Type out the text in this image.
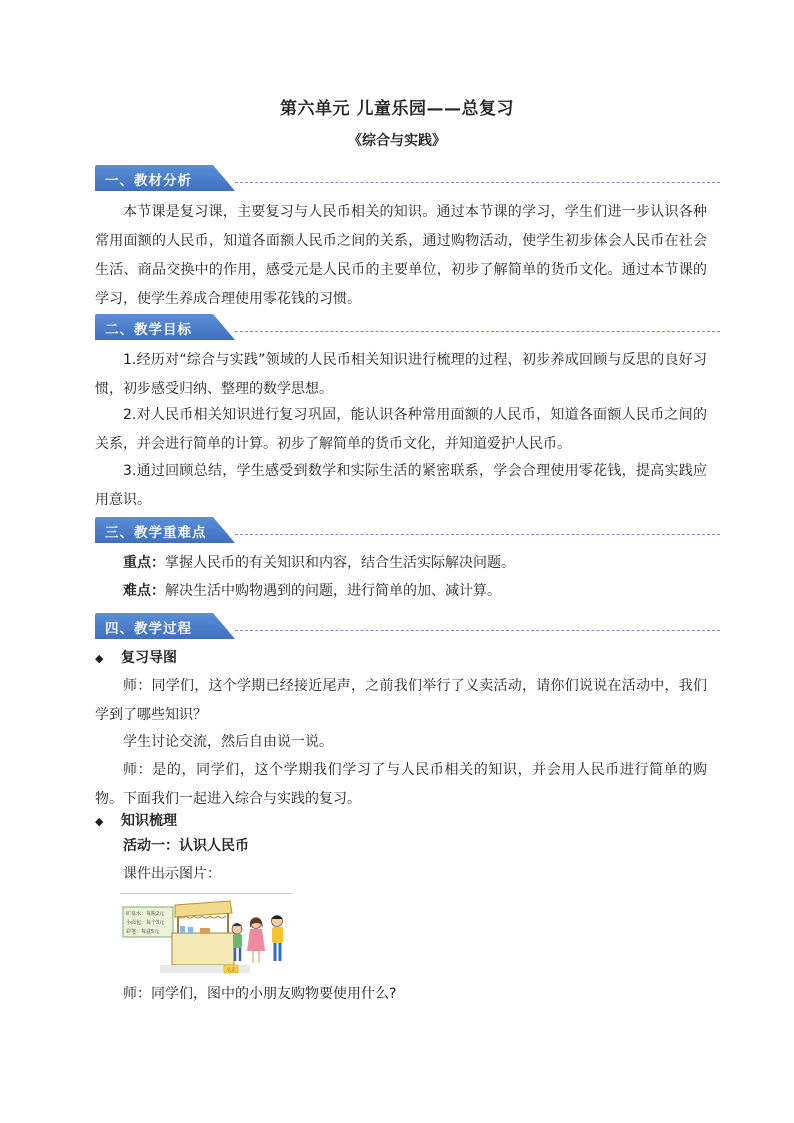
第六单元 儿童乐园——总复习
《综合与实践》
一、教材分析

本节课是复习课，主要复习与人民币相关的知识。通过本节课的学习，学生们进一步认识各种常用面额的人民币，知道各面额人民币之间的关系，通过购物活动，使学生初步体会人民币在社会生活、商品交换中的作用，感受元是人民币的主要单位，初步了解简单的货币文化。通过本节课的学习，使学生养成合理使用零花钱的习惯。

二、教学目标

1.经历对“综合与实践”领域的人民币相关知识进行梳理的过程，初步养成回顾与反思的良好习惯，初步感受归纳、整理的数学思想。

2.对人民币相关知识进行复习巩固，能认识各种常用面额的人民币，知道各面额人民币之间的关系，并会进行简单的计算。初步了解简单的货币文化，并知道爱护人民币。

3.通过回顾总结，学生感受到数学和实际生活的紧密联系，学会合理使用零花钱，提高实践应用意识。

三、教学重难点

重点：掌握人民币的有关知识和内容，结合生活实际解决问题。

难点：解决生活中购物遇到的问题，进行简单的加、减计算。

四、教学过程
◆ 复习导图

师：同学们，这个学期已经接近尾声，之前我们举行了义卖活动，请你们说说在活动中，我们学到了哪些知识？

学生讨论交流，然后自由说一说。

师：是的，同学们，这个学期我们学习了与人民币相关的知识，并会用人民币进行简单的购物。下面我们一起进入综合与实践的复习。

◆ 知识梳理

活动一：认识人民币

课件出示图片：

矿泉水：每瓶2元
小面包：每个3元
彩笔：每盒5元
义卖

师：同学们，图中的小朋友购物要使用什么?
